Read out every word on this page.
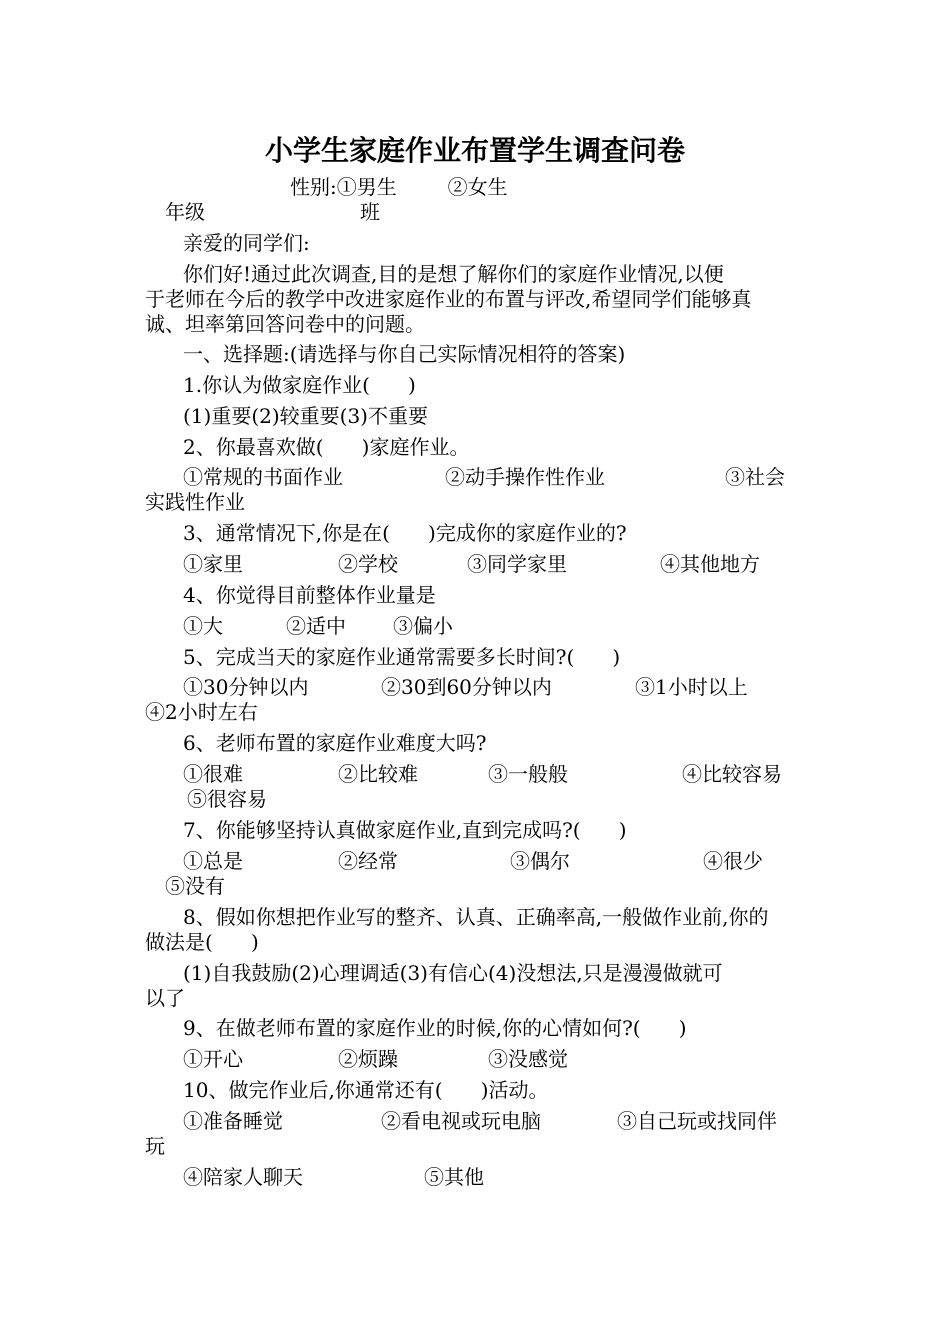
小学生家庭作业布置学生调查问卷
性别:①男生        ②女生
年级	班
亲爱的同学们:
你们好!通过此次调查,目的是想了解你们的家庭作业情况,以便
于老师在今后的教学中改进家庭作业的布置与评改,希望同学们能够真
诚、坦率第回答问卷中的问题。
一、选择题:(请选择与你自己实际情况相符的答案)
1.你认为做家庭作业(      )
(1)重要(2)较重要(3)不重要
2、你最喜欢做(      )家庭作业。
①常规的书面作业	②动手操作性作业	③社会
实践性作业
3、通常情况下,你是在(      )完成你的家庭作业的?
①家里	②学校	③同学家里	④其他地方
4、你觉得目前整体作业量是
①大	②适中 ③偏小
5、完成当天的家庭作业通常需要多长时间?(      )
①30分钟以内	②30到60分钟以内	③1小时以上
④2小时左右
6、老师布置的家庭作业难度大吗?
①很难	②比较难	③一般般	④比较容易
⑤很容易
7、你能够坚持认真做家庭作业,直到完成吗?(      )
①总是	②经常	③偶尔	④很少
⑤没有
8、假如你想把作业写的整齐、认真、正确率高,一般做作业前,你的
做法是(      )
(1)自我鼓励(2)心理调适(3)有信心(4)没想法,只是漫漫做就可
以了
9、在做老师布置的家庭作业的时候,你的心情如何?(      )
①开心	②烦躁	③没感觉
10、做完作业后,你通常还有(      )活动。
①准备睡觉	②看电视或玩电脑	③自己玩或找同伴
玩
④陪家人聊天	⑤其他
